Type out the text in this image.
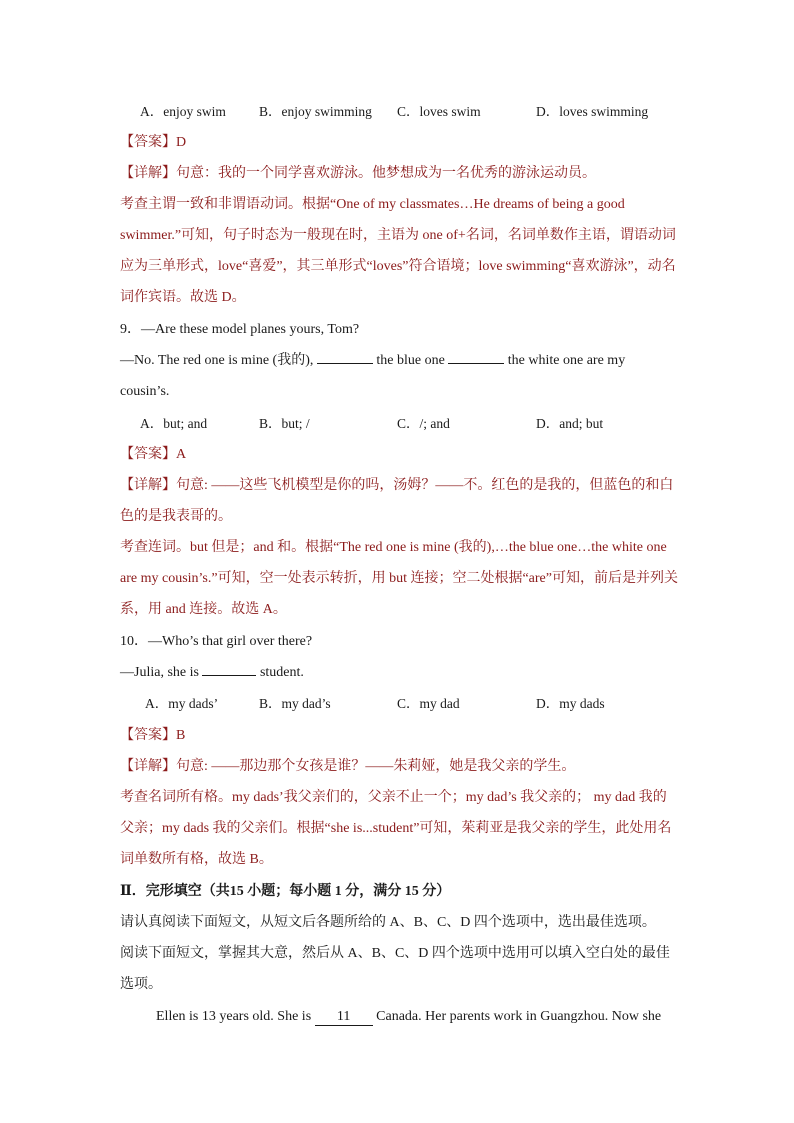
A．enjoy swim B．enjoy swimming C．loves swim	D．loves swimming
【答案】D
【详解】句意：我的一个同学喜欢游泳。他梦想成为一名优秀的游泳运动员。
考查主谓一致和非谓语动词。根据“One of my classmates…He dreams of being a good
swimmer.”可知，句子时态为一般现在时，主语为 one of+名词，名词单数作主语，谓语动词
应为三单形式，love“喜爱”，其三单形式“loves”符合语境；love swimming“喜欢游泳”，动名
词作宾语。故选 D。
9．—Are these model planes yours, Tom?
—No. The red one is mine (我的),	the blue one	the white one are my
cousin’s.
A．but; and	B．but; /	C．/; and	D．and; but
【答案】A
【详解】句意: ——这些飞机模型是你的吗，汤姆？——不。红色的是我的，但蓝色的和白
色的是我表哥的。
考查连词。but 但是；and 和。根据“The red one is mine (我的),…the blue one…the white one
are my cousin’s.”可知，空一处表示转折，用 but 连接；空二处根据“are”可知，前后是并列关
系，用 and 连接。故选 A。
10．—Who’s that girl over there?
—Julia, she is	student.
A．my dads’	B．my dad’s	C．my dad	D．my dads
【答案】B
【详解】句意: ——那边那个女孩是谁？——朱莉娅，她是我父亲的学生。
考查名词所有格。my dads’我父亲们的，父亲不止一个；my dad’s 我父亲的； my dad 我的
父亲；my dads 我的父亲们。根据“she is...student”可知，茱莉亚是我父亲的学生，此处用名
词单数所有格，故选 B。
Ⅱ．完形填空（共15 小题；每小题 1 分，满分 15 分）
请认真阅读下面短文，从短文后各题所给的 A、B、C、D 四个选项中，选出最佳选项。
阅读下面短文，掌握其大意，然后从 A、B、C、D 四个选项中选用可以填入空白处的最佳
选项。
Ellen is 13 years old. She is 11 Canada. Her parents work in Guangzhou. Now she
